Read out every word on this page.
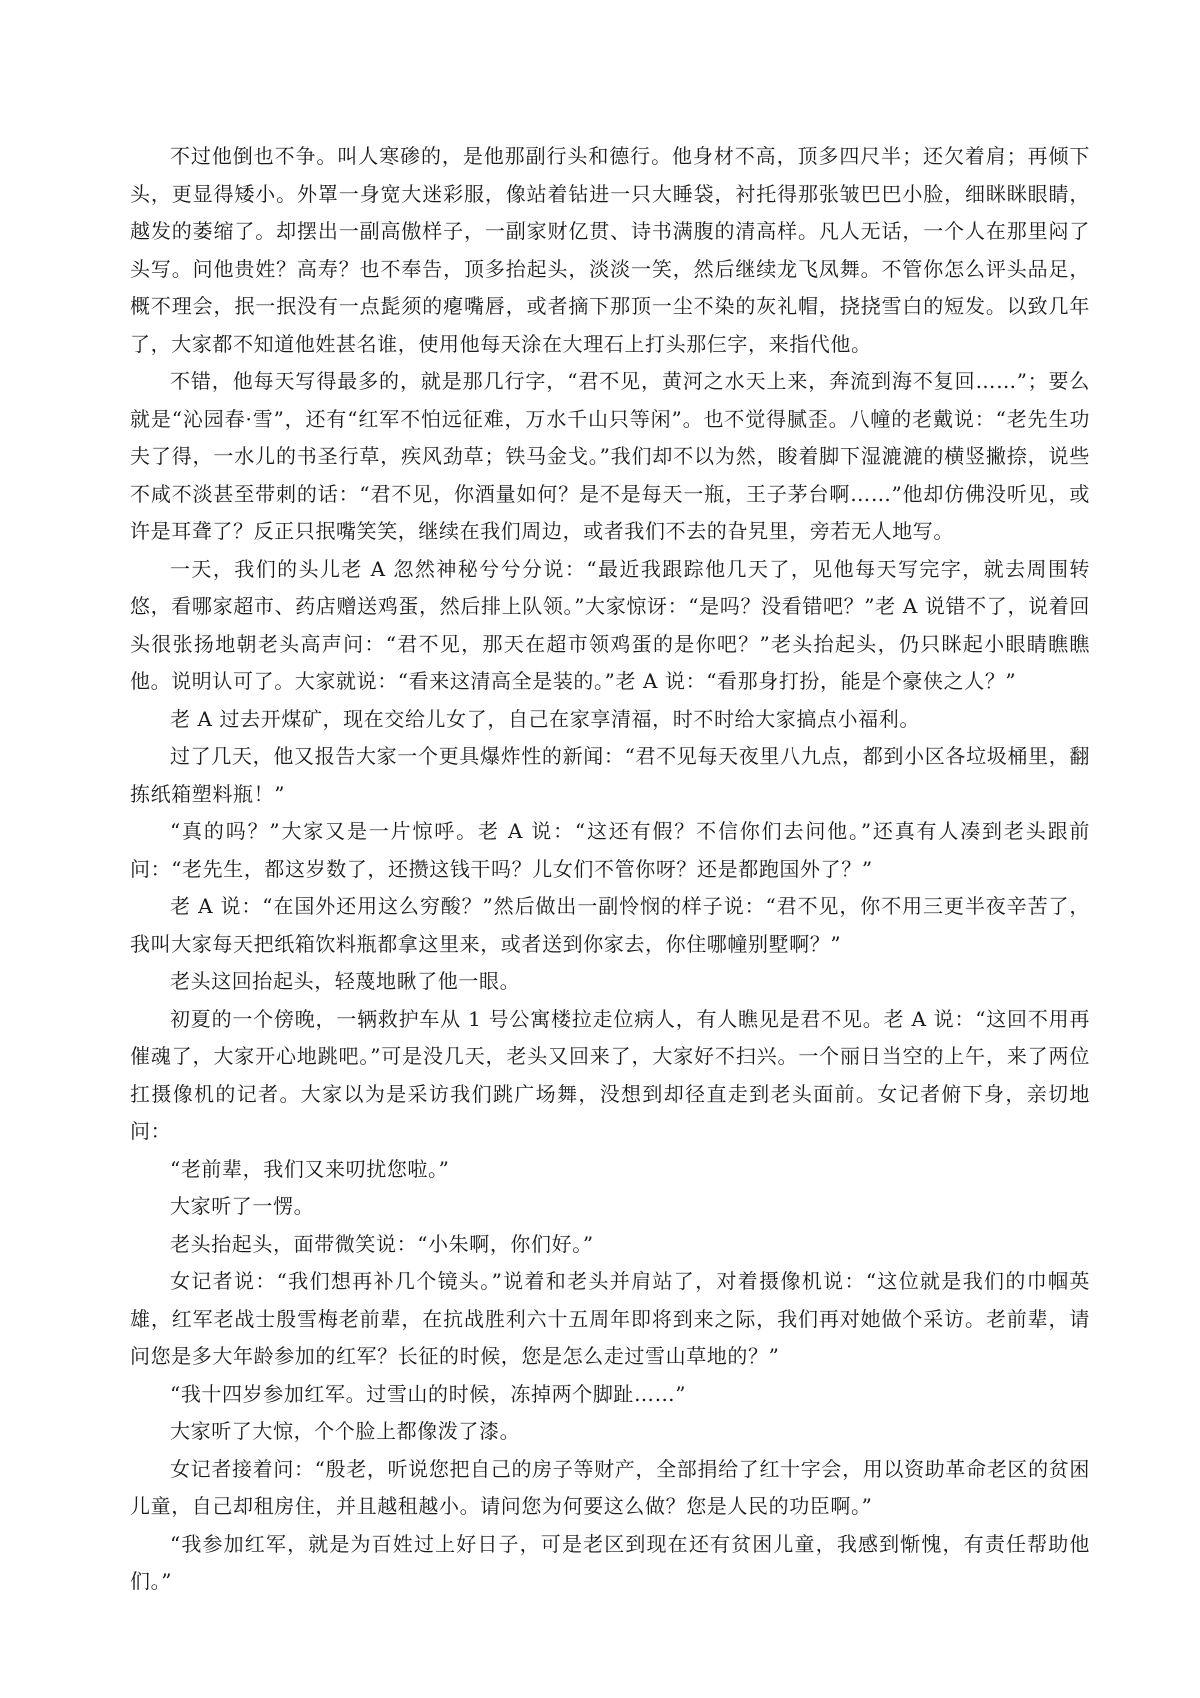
不过他倒也不争。叫人寒碜的，是他那副行头和德行。他身材不高，顶多四尺半；还欠着肩；再倾下头，更显得矮小。外罩一身宽大迷彩服，像站着钻进一只大睡袋，衬托得那张皱巴巴小脸，细眯眯眼睛，越发的萎缩了。却摆出一副高傲样子，一副家财亿贯、诗书满腹的清高样。凡人无话，一个人在那里闷了头写。问他贵姓？高寿？也不奉告，顶多抬起头，淡淡一笑，然后继续龙飞凤舞。不管你怎么评头品足，概不理会，抿一抿没有一点髭须的瘪嘴唇，或者摘下那顶一尘不染的灰礼帽，挠挠雪白的短发。以致几年了，大家都不知道他姓甚名谁，使用他每天涂在大理石上打头那仨字，来指代他。

不错，他每天写得最多的，就是那几行字，“君不见，黄河之水天上来，奔流到海不复回……”；要么就是“沁园春·雪”，还有“红军不怕远征难，万水千山只等闲”。也不觉得腻歪。八幢的老戴说：“老先生功夫了得，一水儿的书圣行草，疾风劲草；铁马金戈。”我们却不以为然，睃着脚下湿漉漉的横竖撇捺，说些不咸不淡甚至带刺的话：“君不见，你酒量如何？是不是每天一瓶，王子茅台啊……”他却仿佛没听见，或许是耳聋了？反正只抿嘴笑笑，继续在我们周边，或者我们不去的旮旯里，旁若无人地写。

一天，我们的头儿老 A 忽然神秘兮兮分说：“最近我跟踪他几天了，见他每天写完字，就去周围转悠，看哪家超市、药店赠送鸡蛋，然后排上队领。”大家惊讶：“是吗？没看错吧？”老 A 说错不了，说着回头很张扬地朝老头高声问：“君不见，那天在超市领鸡蛋的是你吧？”老头抬起头，仍只眯起小眼睛瞧瞧他。说明认可了。大家就说：“看来这清高全是装的。”老 A 说：“看那身打扮，能是个豪侠之人？”

老 A 过去开煤矿，现在交给儿女了，自己在家享清福，时不时给大家搞点小福利。

过了几天，他又报告大家一个更具爆炸性的新闻：“君不见每天夜里八九点，都到小区各垃圾桶里，翻拣纸箱塑料瓶！”

“真的吗？”大家又是一片惊呼。老 A 说：“这还有假？不信你们去问他。”还真有人凑到老头跟前问：“老先生，都这岁数了，还攒这钱干吗？儿女们不管你呀？还是都跑国外了？”

老 A 说：“在国外还用这么穷酸？”然后做出一副怜悯的样子说：“君不见，你不用三更半夜辛苦了，我叫大家每天把纸箱饮料瓶都拿这里来，或者送到你家去，你住哪幢别墅啊？”

老头这回抬起头，轻蔑地瞅了他一眼。

初夏的一个傍晚，一辆救护车从 1 号公寓楼拉走位病人，有人瞧见是君不见。老 A 说：“这回不用再催魂了，大家开心地跳吧。”可是没几天，老头又回来了，大家好不扫兴。一个丽日当空的上午，来了两位扛摄像机的记者。大家以为是采访我们跳广场舞，没想到却径直走到老头面前。女记者俯下身，亲切地问：

“老前辈，我们又来叨扰您啦。”

大家听了一愣。

老头抬起头，面带微笑说：“小朱啊，你们好。”

女记者说：“我们想再补几个镜头。”说着和老头并肩站了，对着摄像机说：“这位就是我们的巾帼英雄，红军老战士殷雪梅老前辈，在抗战胜利六十五周年即将到来之际，我们再对她做个采访。老前辈，请问您是多大年龄参加的红军？长征的时候，您是怎么走过雪山草地的？”

“我十四岁参加红军。过雪山的时候，冻掉两个脚趾……”

大家听了大惊，个个脸上都像泼了漆。

女记者接着问：“殷老，听说您把自己的房子等财产，全部捐给了红十字会，用以资助革命老区的贫困儿童，自己却租房住，并且越租越小。请问您为何要这么做？您是人民的功臣啊。”

“我参加红军，就是为百姓过上好日子，可是老区到现在还有贫困儿童，我感到惭愧，有责任帮助他们。”
